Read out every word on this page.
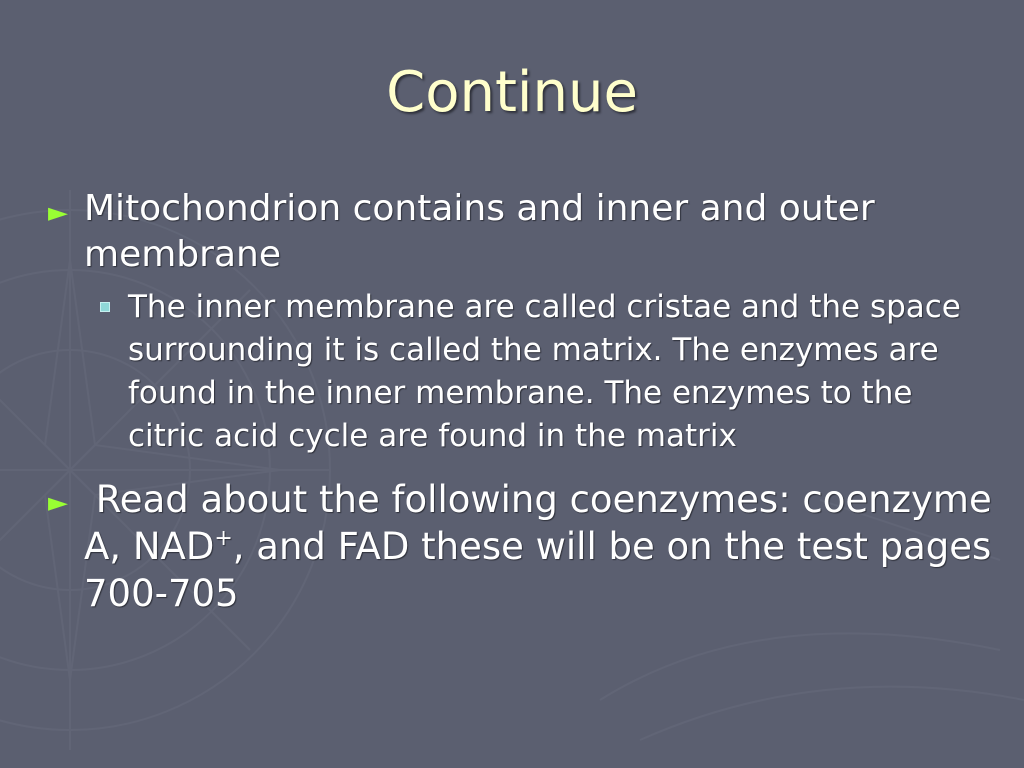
Continue
► Mitochondrion contains and inner and outer membrane
The inner membrane are called cristae and the space surrounding it is called the matrix. The enzymes are found in the inner membrane. The enzymes to the citric acid cycle are found in the matrix
► Read about the following coenzymes: coenzyme A, NAD+, and FAD these will be on the test pages 700-705
